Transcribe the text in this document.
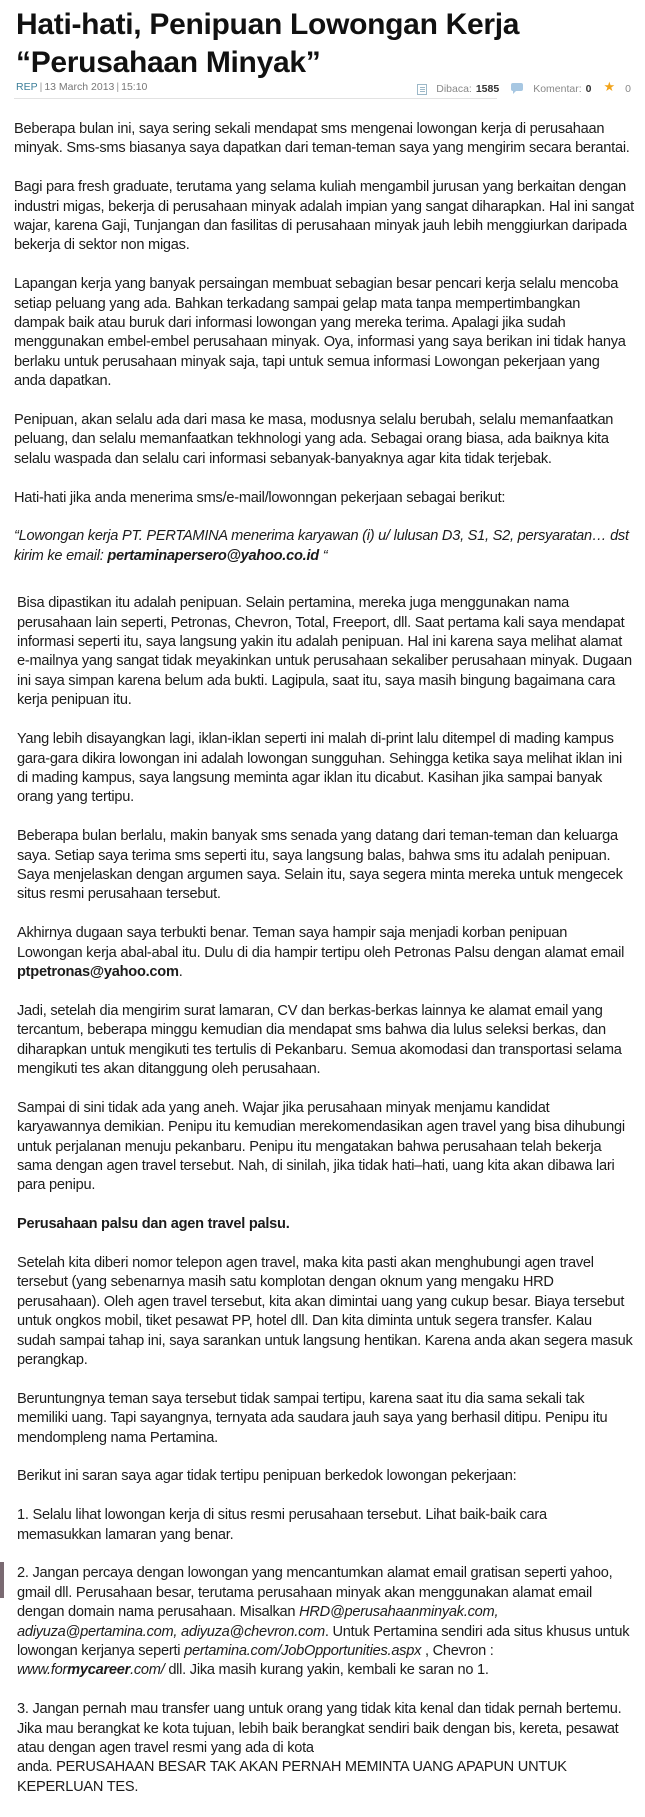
Hati-hati, Penipuan Lowongan Kerja “Perusahaan Minyak”
REP | 13 March 2013 | 15:10	Dibaca: 1585	Komentar: 0 ★ 0

Beberapa bulan ini, saya sering sekali mendapat sms mengenai lowongan kerja di perusahaan minyak. Sms-sms biasanya saya dapatkan dari teman-teman saya yang mengirim secara berantai.

Bagi para fresh graduate, terutama yang selama kuliah mengambil jurusan yang berkaitan dengan industri migas, bekerja di perusahaan minyak adalah impian yang sangat diharapkan. Hal ini sangat wajar, karena Gaji, Tunjangan dan fasilitas di perusahaan minyak jauh lebih menggiurkan daripada bekerja di sektor non migas.

Lapangan kerja yang banyak persaingan membuat sebagian besar pencari kerja selalu mencoba setiap peluang yang ada. Bahkan terkadang sampai gelap mata tanpa mempertimbangkan dampak baik atau buruk dari informasi lowongan yang mereka terima. Apalagi jika sudah menggunakan embel-embel perusahaan minyak. Oya, informasi yang saya berikan ini tidak hanya berlaku untuk perusahaan minyak saja, tapi untuk semua informasi Lowongan pekerjaan yang anda dapatkan.

Penipuan, akan selalu ada dari masa ke masa, modusnya selalu berubah, selalu memanfaatkan peluang, dan selalu memanfaatkan tekhnologi yang ada. Sebagai orang biasa, ada baiknya kita selalu waspada dan selalu cari informasi sebanyak-banyaknya agar kita tidak terjebak.

Hati-hati jika anda menerima sms/e-mail/lowonngan pekerjaan sebagai berikut:

“Lowongan kerja PT. PERTAMINA menerima karyawan (i) u/ lulusan D3, S1, S2, persyaratan… dst kirim ke email: pertaminapersero@yahoo.co.id “

Bisa dipastikan itu adalah penipuan. Selain pertamina, mereka juga menggunakan nama perusahaan lain seperti, Petronas, Chevron, Total, Freeport, dll. Saat pertama kali saya mendapat informasi seperti itu, saya langsung yakin itu adalah penipuan. Hal ini karena saya melihat alamat e-mailnya yang sangat tidak meyakinkan untuk perusahaan sekaliber perusahaan minyak. Dugaan ini saya simpan karena belum ada bukti. Lagipula, saat itu, saya masih bingung bagaimana cara kerja penipuan itu.

Yang lebih disayangkan lagi, iklan-iklan seperti ini malah di-print lalu ditempel di mading kampus gara-gara dikira lowongan ini adalah lowongan sungguhan. Sehingga ketika saya melihat iklan ini di mading kampus, saya langsung meminta agar iklan itu dicabut. Kasihan jika sampai banyak orang yang tertipu.

Beberapa bulan berlalu, makin banyak sms senada yang datang dari teman-teman dan keluarga saya. Setiap saya terima sms seperti itu, saya langsung balas, bahwa sms itu adalah penipuan. Saya menjelaskan dengan argumen saya. Selain itu, saya segera minta mereka untuk mengecek situs resmi perusahaan tersebut.

Akhirnya dugaan saya terbukti benar. Teman saya hampir saja menjadi korban penipuan Lowongan kerja abal-abal itu. Dulu di dia hampir tertipu oleh Petronas Palsu dengan alamat email ptpetronas@yahoo.com.

Jadi, setelah dia mengirim surat lamaran, CV dan berkas-berkas lainnya ke alamat email yang tercantum, beberapa minggu kemudian dia mendapat sms bahwa dia lulus seleksi berkas, dan diharapkan untuk mengikuti tes tertulis di Pekanbaru. Semua akomodasi dan transportasi selama mengikuti tes akan ditanggung oleh perusahaan.

Sampai di sini tidak ada yang aneh. Wajar jika perusahaan minyak menjamu kandidat karyawannya demikian. Penipu itu kemudian merekomendasikan agen travel yang bisa dihubungi untuk perjalanan menuju pekanbaru. Penipu itu mengatakan bahwa perusahaan telah bekerja sama dengan agen travel tersebut. Nah, di sinilah, jika tidak hati–hati, uang kita akan dibawa lari para penipu.

Perusahaan palsu dan agen travel palsu.

Setelah kita diberi nomor telepon agen travel, maka kita pasti akan menghubungi agen travel tersebut (yang sebenarnya masih satu komplotan dengan oknum yang mengaku HRD perusahaan). Oleh agen travel tersebut, kita akan dimintai uang yang cukup besar. Biaya tersebut untuk ongkos mobil, tiket pesawat PP, hotel dll. Dan kita diminta untuk segera transfer. Kalau sudah sampai tahap ini, saya sarankan untuk langsung hentikan. Karena anda akan segera masuk perangkap.

Beruntungnya teman saya tersebut tidak sampai tertipu, karena saat itu dia sama sekali tak memiliki uang. Tapi sayangnya, ternyata ada saudara jauh saya yang berhasil ditipu. Penipu itu mendompleng nama Pertamina.

Berikut ini saran saya agar tidak tertipu penipuan berkedok lowongan pekerjaan:

1. Selalu lihat lowongan kerja di situs resmi perusahaan tersebut. Lihat baik-baik cara memasukkan lamaran yang benar.

2. Jangan percaya dengan lowongan yang mencantumkan alamat email gratisan seperti yahoo, gmail dll. Perusahaan besar, terutama perusahaan minyak akan menggunakan alamat email dengan domain nama perusahaan. Misalkan HRD@perusahaanminyak.com, adiyuza@pertamina.com, adiyuza@chevron.com. Untuk Pertamina sendiri ada situs khusus untuk lowongan kerjanya seperti pertamina.com/JobOpportunities.aspx , Chevron : www.formycareer.com/ dll. Jika masih kurang yakin, kembali ke saran no 1.

3. Jangan pernah mau transfer uang untuk orang yang tidak kita kenal dan tidak pernah bertemu. Jika mau berangkat ke kota tujuan, lebih baik berangkat sendiri baik dengan bis, kereta, pesawat atau dengan agen travel resmi yang ada di kota
anda. PERUSAHAAN BESAR TAK AKAN PERNAH MEMINTA UANG APAPUN UNTUK KEPERLUAN TES.
